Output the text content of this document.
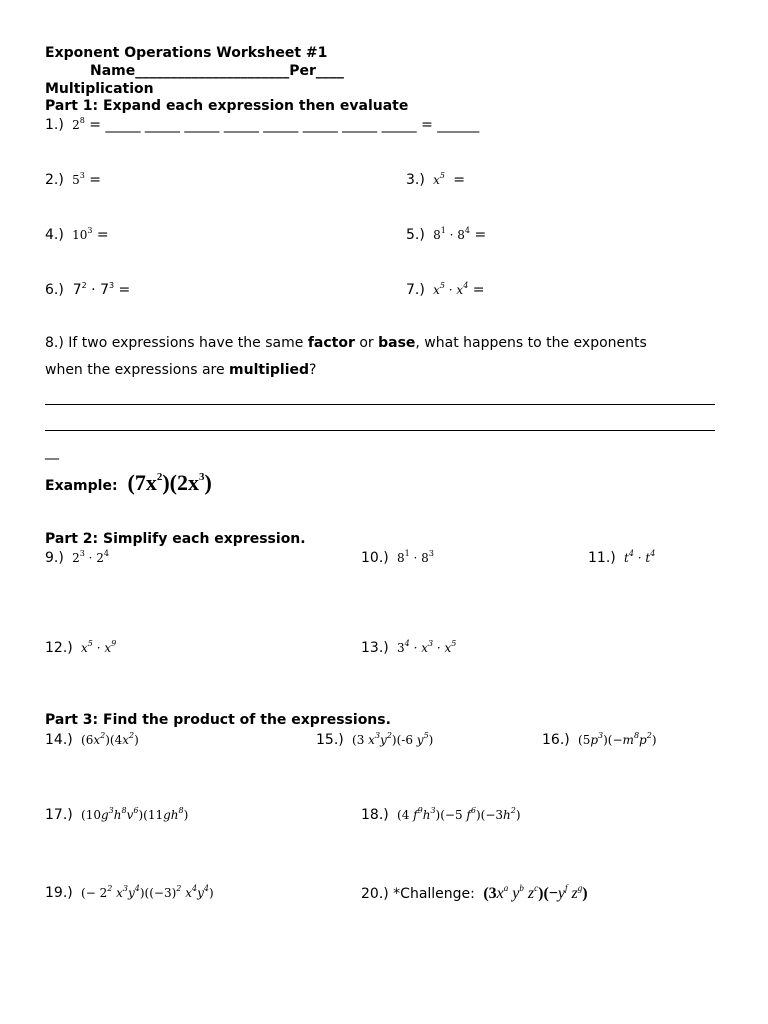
Exponent Operations Worksheet #1
Name______________________Per____
Multiplication
Part 1: Expand each expression then evaluate
1.)  $2^8$ = _____ _____ _____ _____ _____ _____ _____ _____ = ______
2.)  $5^3$ =	3.)  $x^5$ =
4.)  $10^3$ =	5.)  $8^1 \cdot 8^4$ =
6.)  $7^2 \cdot 7^3$ =	7.)  $x^5 \cdot x^4$ =
8.) If two expressions have the same factor or base, what happens to the exponents
when the expressions are multiplied?
__
Example:  $(7x^2)(2x^3)$
Part 2: Simplify each expression.
9.)  $2^3 \cdot 2^4$	10.)  $8^1 \cdot 8^3$	11.)  $t^4 \cdot t^4$
12.)  $x^5 \cdot x^9$	13.) $3^4 \cdot x^3 \cdot x^5$
Part 3: Find the product of the expressions.
14.) $(6x^2)(4x^2)$	15.) (3 $x^3y^2)(-6$ $y^5$)	16.) $(5p^3)(-m^8p^2)$
17.) $(10g^3h^8v^6)(11gh^8)$	18.) (4 $f^9h^3)(-5$ $f^6)(-3h^2)$
19.) (− $2^2$ $x^3y^4)((-3)^2$ $x^4y^4$)	20.) *Challenge:  ($3x^a$ $y^b$ $z^c)(-y^f$ $z^g$)
